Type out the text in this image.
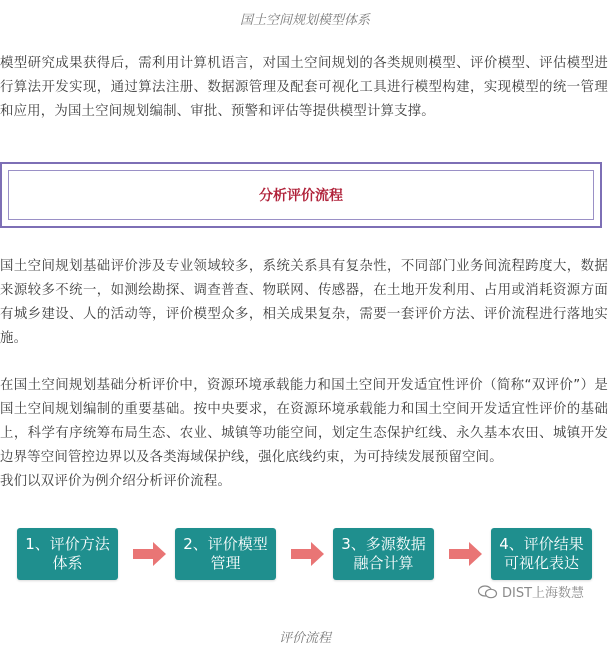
国土空间规划模型体系

模型研究成果获得后，需利用计算机语言，对国土空间规划的各类规则模型、评价模型、评估模型进行算法开发实现，通过算法注册、数据源管理及配套可视化工具进行模型构建，实现模型的统一管理和应用，为国土空间规划编制、审批、预警和评估等提供模型计算支撑。

分析评价流程

国土空间规划基础评价涉及专业领域较多，系统关系具有复杂性，不同部门业务间流程跨度大，数据来源较多不统一，如测绘勘探、调查普查、物联网、传感器，在土地开发利用、占用或消耗资源方面有城乡建设、人的活动等，评价模型众多，相关成果复杂，需要一套评价方法、评价流程进行落地实施。

在国土空间规划基础分析评价中，资源环境承载能力和国土空间开发适宜性评价（简称“双评价”）是国土空间规划编制的重要基础。按中央要求，在资源环境承载能力和国土空间开发适宜性评价的基础上，科学有序统筹布局生态、农业、城镇等功能空间，划定生态保护红线、永久基本农田、城镇开发边界等空间管控边界以及各类海域保护线，强化底线约束，为可持续发展预留空间。

我们以双评价为例介绍分析评价流程。

1、评价方法
体系
2、评价模型
管理
3、多源数据
融合计算
4、评价结果
可视化表达
DIST上海数慧
评价流程
